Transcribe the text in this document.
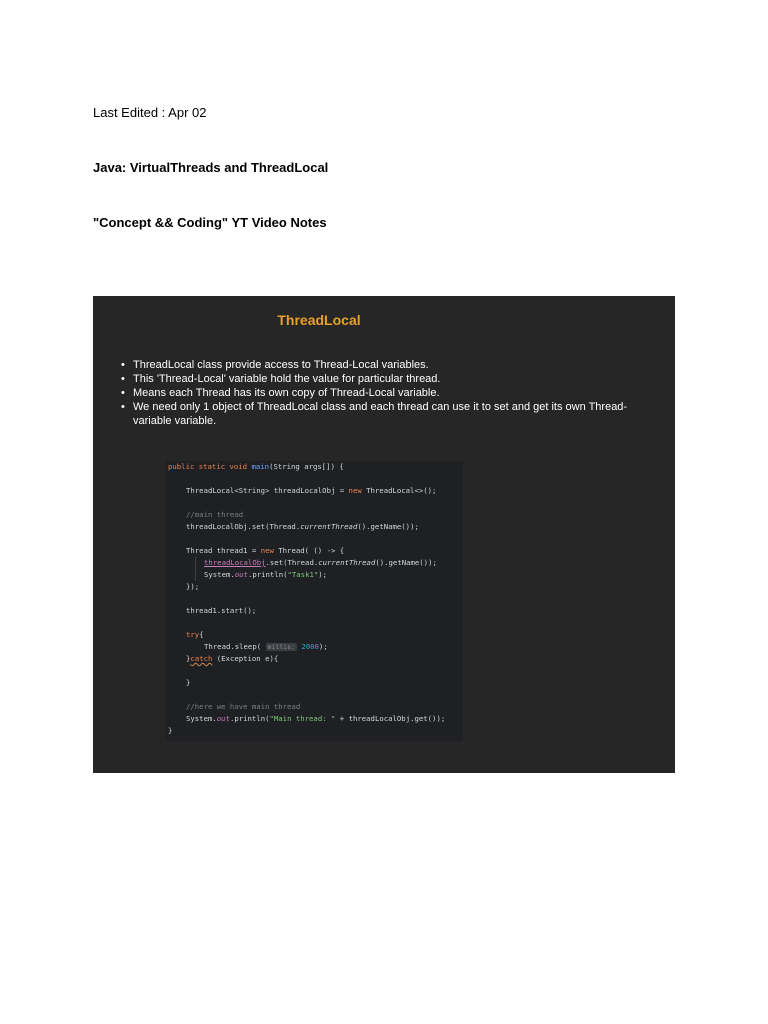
Last Edited : Apr 02
Java: VirtualThreads and ThreadLocal
"Concept && Coding" YT Video Notes
ThreadLocal
• ThreadLocal class provide access to Thread-Local variables.
• This 'Thread-Local' variable hold the value for particular thread.
• Means each Thread has its own copy of Thread-Local variable.
• We need only 1 object of ThreadLocal class and each thread can use it to set and get its own Thread-variable variable.

public static void main(String args[]) {

ThreadLocal<String> threadLocalObj = new ThreadLocal<>();

//main thread

threadLocalObj.set(Thread.currentThread().getName());

Thread thread1 = new Thread( () -> {

threadLocalObj.set(Thread.currentThread().getName());

System.out.println("Task1");

});

thread1.start();

try{

Thread.sleep( millis: 2000);

}catch (Exception e){

}

//here we have main thread

System.out.println("Main thread: " + threadLocalObj.get());

}
